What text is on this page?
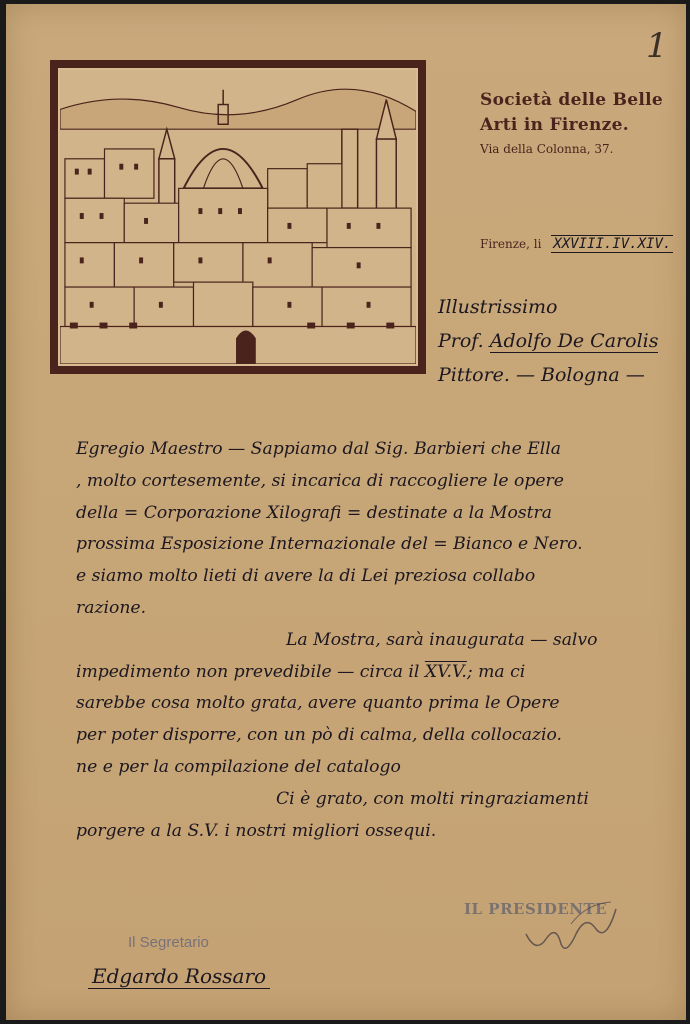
1
Società delle Belle
Arti in Firenze.
Via della Colonna, 37.
Firenze, li XXVIII.IV.XIV.
Illustrissimo
Prof. Adolfo De Carolis
Pittore. — Bologna —
Egregio Maestro — Sappiamo dal Sig. Barbieri che Ella
, molto cortesemente, si incarica di raccogliere le opere
della = Corporazione Xilografi = destinate a la Mostra
prossima Esposizione Internazionale del = Bianco e Nero.
e siamo molto lieti di avere la di Lei preziosa collabo
razione.
La Mostra, sarà inaugurata — salvo
impedimento non prevedibile — circa il XV.V.; ma ci
sarebbe cosa molto grata, avere quanto prima le Opere
per poter disporre, con un pò di calma, della collocazio.
ne e per la compilazione del catalogo
Ci è grato, con molti ringraziamenti
porgere a la S.V. i nostri migliori ossequi.
IL PRESIDENTE
Il Segretario
Edgardo Rossaro
